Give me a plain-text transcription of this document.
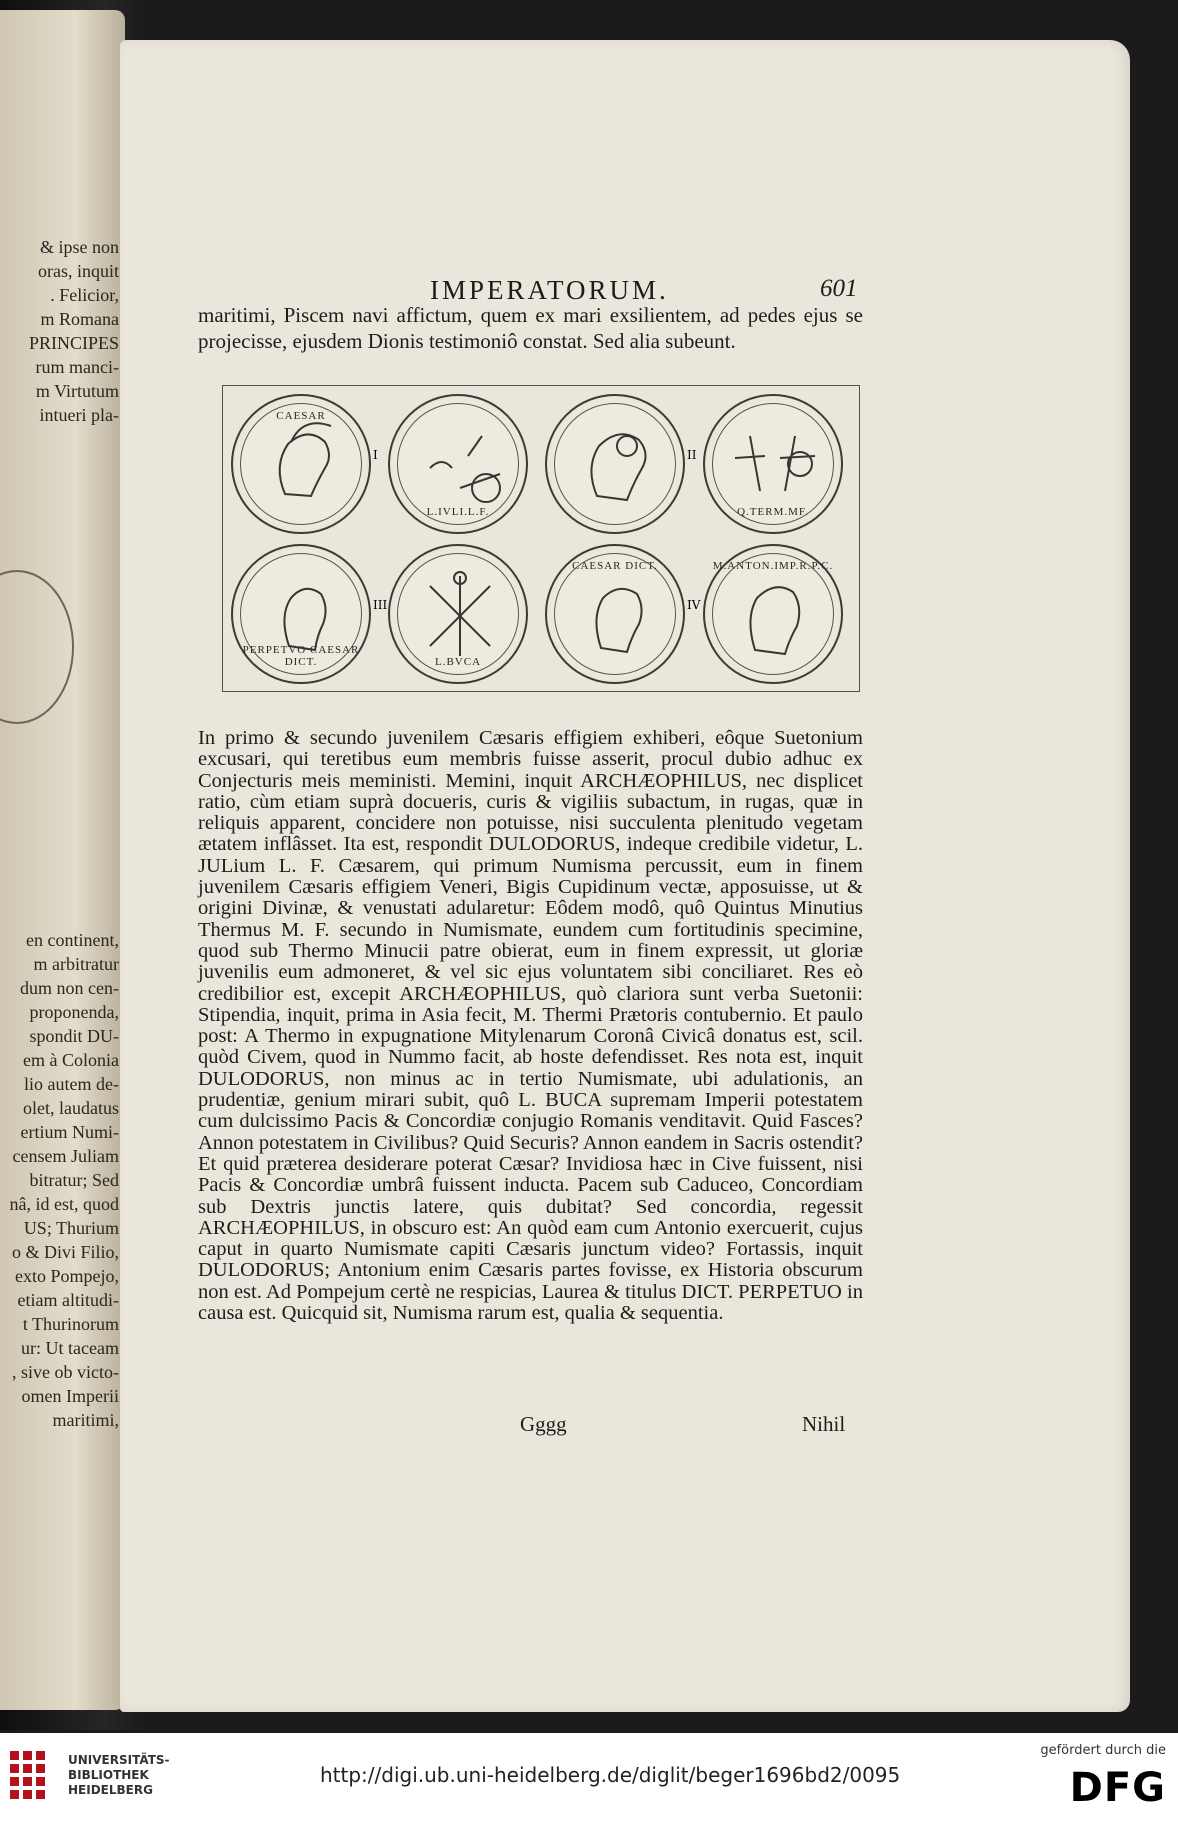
& ipse non
oras, inquit
. Felicior,
m Romana
PRINCIPES
rum manci-
m Virtutum
intueri pla-
en continent,
m arbitratur
dum non cen-
proponenda,
spondit DU-
em à Colonia
lio autem de-
olet, laudatus
ertium Numi-
censem Juliam
bitratur; Sed
nâ, id est, quod
US; Thurium
o & Divi Filio,
exto Pompejo,
etiam altitudi-
t Thurinorum
ur: Ut taceam
, sive ob victo-
omen Imperii
maritimi,
IMPERATORUM.	601
maritimi, Piscem navi affictum, quem ex mari exsilientem, ad pedes ejus se projecisse, ejusdem Dionis testimoniô constat. Sed alia subeunt.
CAESAR
L.IVLI.L.F.	Q.TERM.MF.
PERPETVO CAESAR DICT.	L.BVCA
CAESAR DICT.	M.ANTON.IMP.R.P.C.
I	II
III	IV

In primo & secundo juvenilem Cæsaris effigiem exhiberi, eôque Suetonium excusari, qui teretibus eum membris fuisse asserit, procul dubio adhuc ex Conjecturis meis meministi. Memini, inquit ARCHÆOPHILUS, nec displicet ratio, cùm etiam suprà docueris, curis & vigiliis subactum, in rugas, quæ in reliquis apparent, concidere non potuisse, nisi succulenta plenitudo vegetam ætatem inflâsset. Ita est, respondit DULODORUS, indeque credibile videtur, L. JULium L. F. Cæsarem, qui primum Numisma percussit, eum in finem juvenilem Cæsaris effigiem Veneri, Bigis Cupidinum vectæ, apposuisse, ut & origini Divinæ, & venustati adularetur: Eôdem modô, quô Quintus Minutius Thermus M. F. secundo in Numismate, eundem cum fortitudinis specimine, quod sub Thermo Minucii patre obierat, eum in finem expressit, ut gloriæ juvenilis eum admoneret, & vel sic ejus voluntatem sibi conciliaret. Res eò credibilior est, excepit ARCHÆOPHILUS, quò clariora sunt verba Suetonii: Stipendia, inquit, prima in Asia fecit, M. Thermi Prætoris contubernio. Et paulo post: A Thermo in expugnatione Mitylenarum Coronâ Civicâ donatus est, scil. quòd Civem, quod in Nummo facit, ab hoste defendisset. Res nota est, inquit DULODORUS, non minus ac in tertio Numismate, ubi adulationis, an prudentiæ, genium mirari subit, quô L. BUCA supremam Imperii potestatem cum dulcissimo Pacis & Concordiæ conjugio Romanis venditavit. Quid Fasces? Annon potestatem in Civilibus? Quid Securis? Annon eandem in Sacris ostendit? Et quid præterea desiderare poterat Cæsar? Invidiosa hæc in Cive fuissent, nisi Pacis & Concordiæ umbrâ fuissent inducta. Pacem sub Caduceo, Concordiam sub Dextris junctis latere, quis dubitat? Sed concordia, regessit ARCHÆOPHILUS, in obscuro est: An quòd eam cum Antonio exercuerit, cujus caput in quarto Numismate capiti Cæsaris junctum video? Fortassis, inquit DULODORUS; Antonium enim Cæsaris partes fovisse, ex Historia obscurum non est. Ad Pompejum certè ne respicias, Laurea & titulus DICT. PERPETUO in causa est. Quicquid sit, Numisma rarum est, qualia & sequentia.

Gggg	Nihil
UNIVERSITÄTS-
BIBLIOTHEK
HEIDELBERG
http://digi.ub.uni-heidelberg.de/diglit/beger1696bd2/0095
gefördert durch die
DFG
